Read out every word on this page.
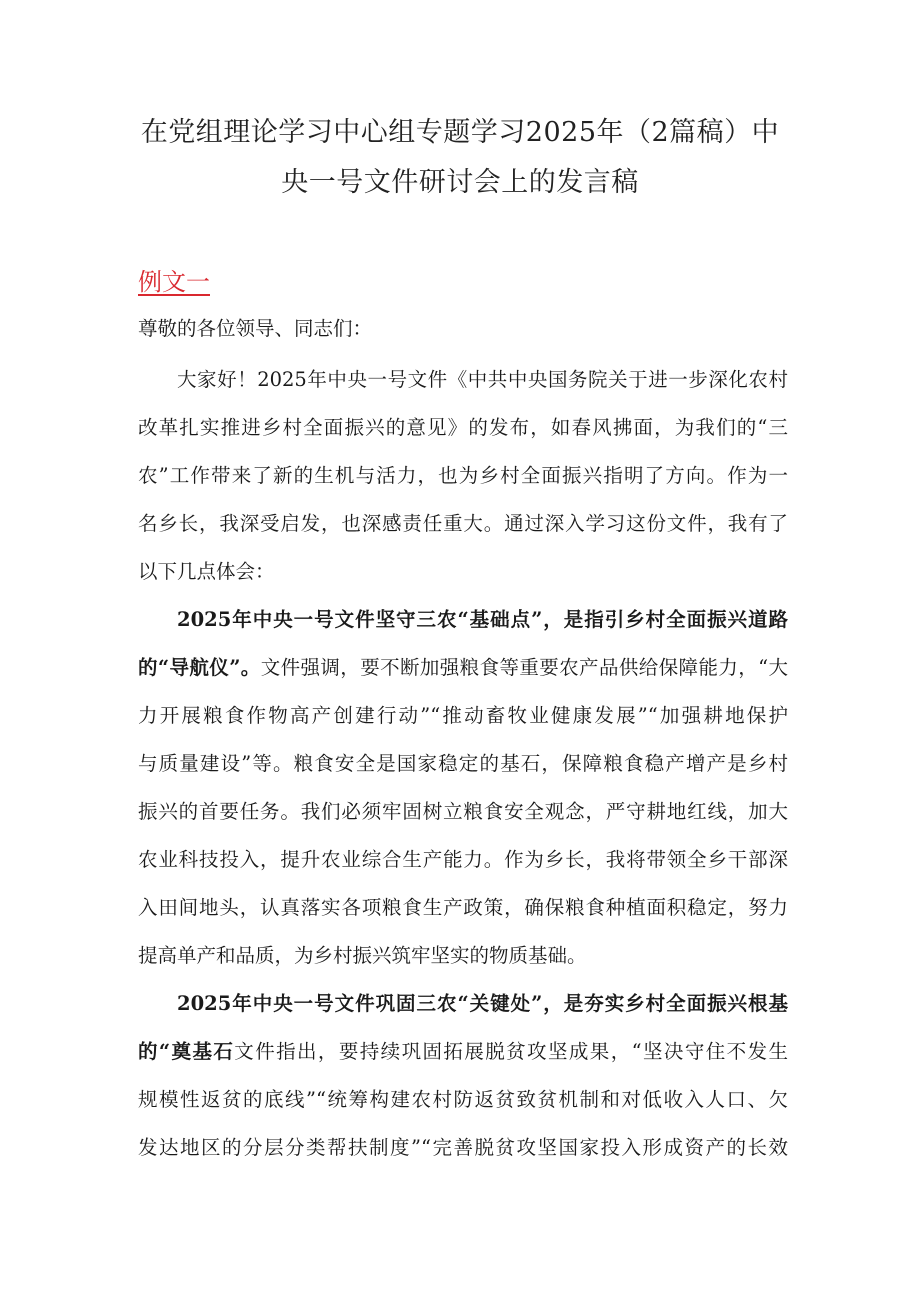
在党组理论学习中心组专题学习2025年（2篇稿）中
央一号文件研讨会上的发言稿
例文一
尊敬的各位领导、同志们：
大家好！2025年中央一号文件《中共中央国务院关于进一步深化农村
改革扎实推进乡村全面振兴的意见》的发布，如春风拂面，为我们的“三
农”工作带来了新的生机与活力，也为乡村全面振兴指明了方向。作为一
名乡长，我深受启发，也深感责任重大。通过深入学习这份文件，我有了
以下几点体会：
2025年中央一号文件坚守三农“基础点”，是指引乡村全面振兴道路
的“导航仪”。文件强调，要不断加强粮食等重要农产品供给保障能力，“大
力开展粮食作物高产创建行动”“推动畜牧业健康发展”“加强耕地保护
与质量建设”等。粮食安全是国家稳定的基石，保障粮食稳产增产是乡村
振兴的首要任务。我们必须牢固树立粮食安全观念，严守耕地红线，加大
农业科技投入，提升农业综合生产能力。作为乡长，我将带领全乡干部深
入田间地头，认真落实各项粮食生产政策，确保粮食种植面积稳定，努力
提高单产和品质，为乡村振兴筑牢坚实的物质基础。
2025年中央一号文件巩固三农“关键处”，是夯实乡村全面振兴根基
的“奠基石文件指出，要持续巩固拓展脱贫攻坚成果，“坚决守住不发生
规模性返贫的底线”“统筹构建农村防返贫致贫机制和对低收入人口、欠
发达地区的分层分类帮扶制度”“完善脱贫攻坚国家投入形成资产的长效
